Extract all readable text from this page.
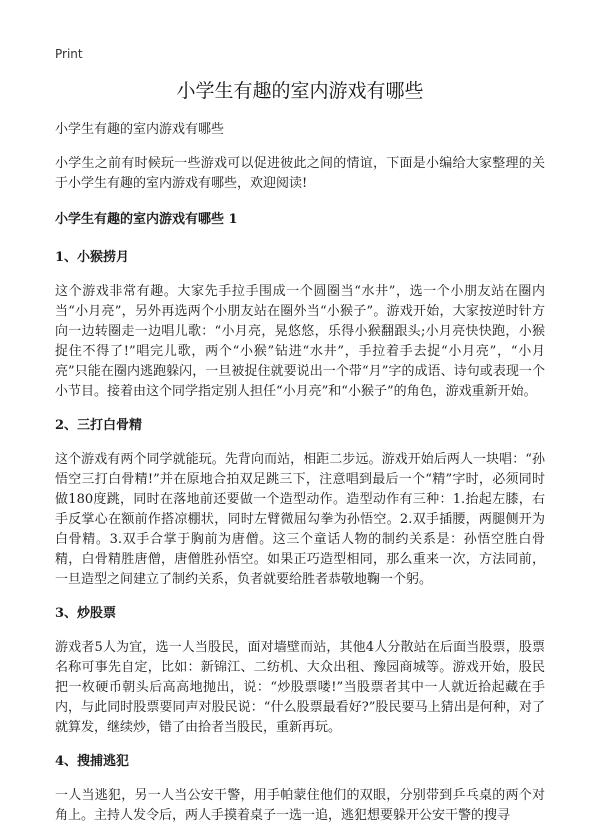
Print
小学生有趣的室内游戏有哪些

小学生有趣的室内游戏有哪些

小学生之前有时候玩一些游戏可以促进彼此之间的情谊，下面是小编给大家整理的关于小学生有趣的室内游戏有哪些，欢迎阅读!

小学生有趣的室内游戏有哪些 1
1、小猴捞月

这个游戏非常有趣。大家先手拉手围成一个圆圈当“水井”，选一个小朋友站在圈内当“小月亮”，另外再选两个小朋友站在圈外当“小猴子”。游戏开始，大家按逆时针方向一边转圈走一边唱儿歌：“小月亮，晃悠悠，乐得小猴翻跟头;小月亮快快跑，小猴捉住不得了!”唱完儿歌，两个“小猴”钻进“水井”，手拉着手去捉“小月亮”，“小月亮”只能在圈内逃跑躲闪，一旦被捉住就要说出一个带“月”字的成语、诗句或表现一个小节目。接着由这个同学指定别人担任“小月亮”和“小猴子”的角色，游戏重新开始。

2、三打白骨精

这个游戏有两个同学就能玩。先背向而站，相距二步远。游戏开始后两人一块唱：“孙悟空三打白骨精!”并在原地合拍双足跳三下，注意唱到最后一个“精”字时，必须同时做180度跳，同时在落地前还要做一个造型动作。造型动作有三种：1.抬起左膝，右手反掌心在额前作搭凉棚状，同时左臂微屈勾拳为孙悟空。2.双手插腰，两腿侧开为白骨精。3.双手合掌于胸前为唐僧。这三个童话人物的制约关系是：孙悟空胜白骨精，白骨精胜唐僧，唐僧胜孙悟空。如果正巧造型相同，那么重来一次，方法同前，一旦造型之间建立了制约关系，负者就要给胜者恭敬地鞠一个躬。

3、炒股票

游戏者5人为宜，选一人当股民，面对墙壁而站，其他4人分散站在后面当股票，股票名称可事先自定，比如：新锦江、二纺机、大众出租、豫园商城等。游戏开始，股民把一枚硬币朝头后高高地抛出，说：“炒股票喽!”当股票者其中一人就近拾起藏在手内，与此同时股票要同声对股民说：“什么股票最看好?”股民要马上猜出是何种，对了就算发，继续炒，错了由拾者当股民，重新再玩。

4、搜捕逃犯

一人当逃犯，另一人当公安干警，用手帕蒙住他们的双眼，分别带到乒乓桌的两个对角上。主持人发令后，两人手摸着桌子一选一追，逃犯想要躲开公安干警的搜寻
